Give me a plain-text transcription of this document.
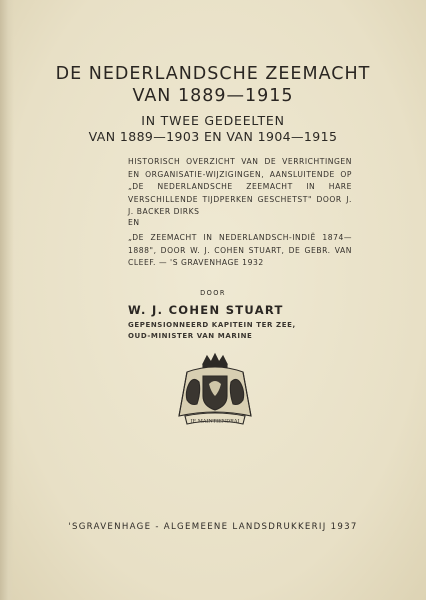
DE NEDERLANDSCHE ZEEMACHT
VAN 1889—1915
IN TWEE GEDEELTEN
VAN 1889—1903 EN VAN 1904—1915
HISTORISCH OVERZICHT VAN DE VERRICHTINGEN EN ORGANISATIE-WIJZIGINGEN, AANSLUITENDE OP „DE NEDERLANDSCHE ZEEMACHT IN HARE VERSCHILLENDE TIJDPERKEN GESCHETST" DOOR J. J. BACKER DIRKS
EN
„DE ZEEMACHT IN NEDERLANDSCH-INDIË 1874—1888", DOOR W. J. COHEN STUART, DE GEBR. VAN CLEEF. — 'S GRAVENHAGE 1932
DOOR
W. J. COHEN STUART
GEPENSIONNEERD KAPITEIN TER ZEE, OUD-MINISTER VAN MARINE
JE MAINTIENDRAI
'SGRAVENHAGE - ALGEMEENE LANDSDRUKKERIJ 1937
